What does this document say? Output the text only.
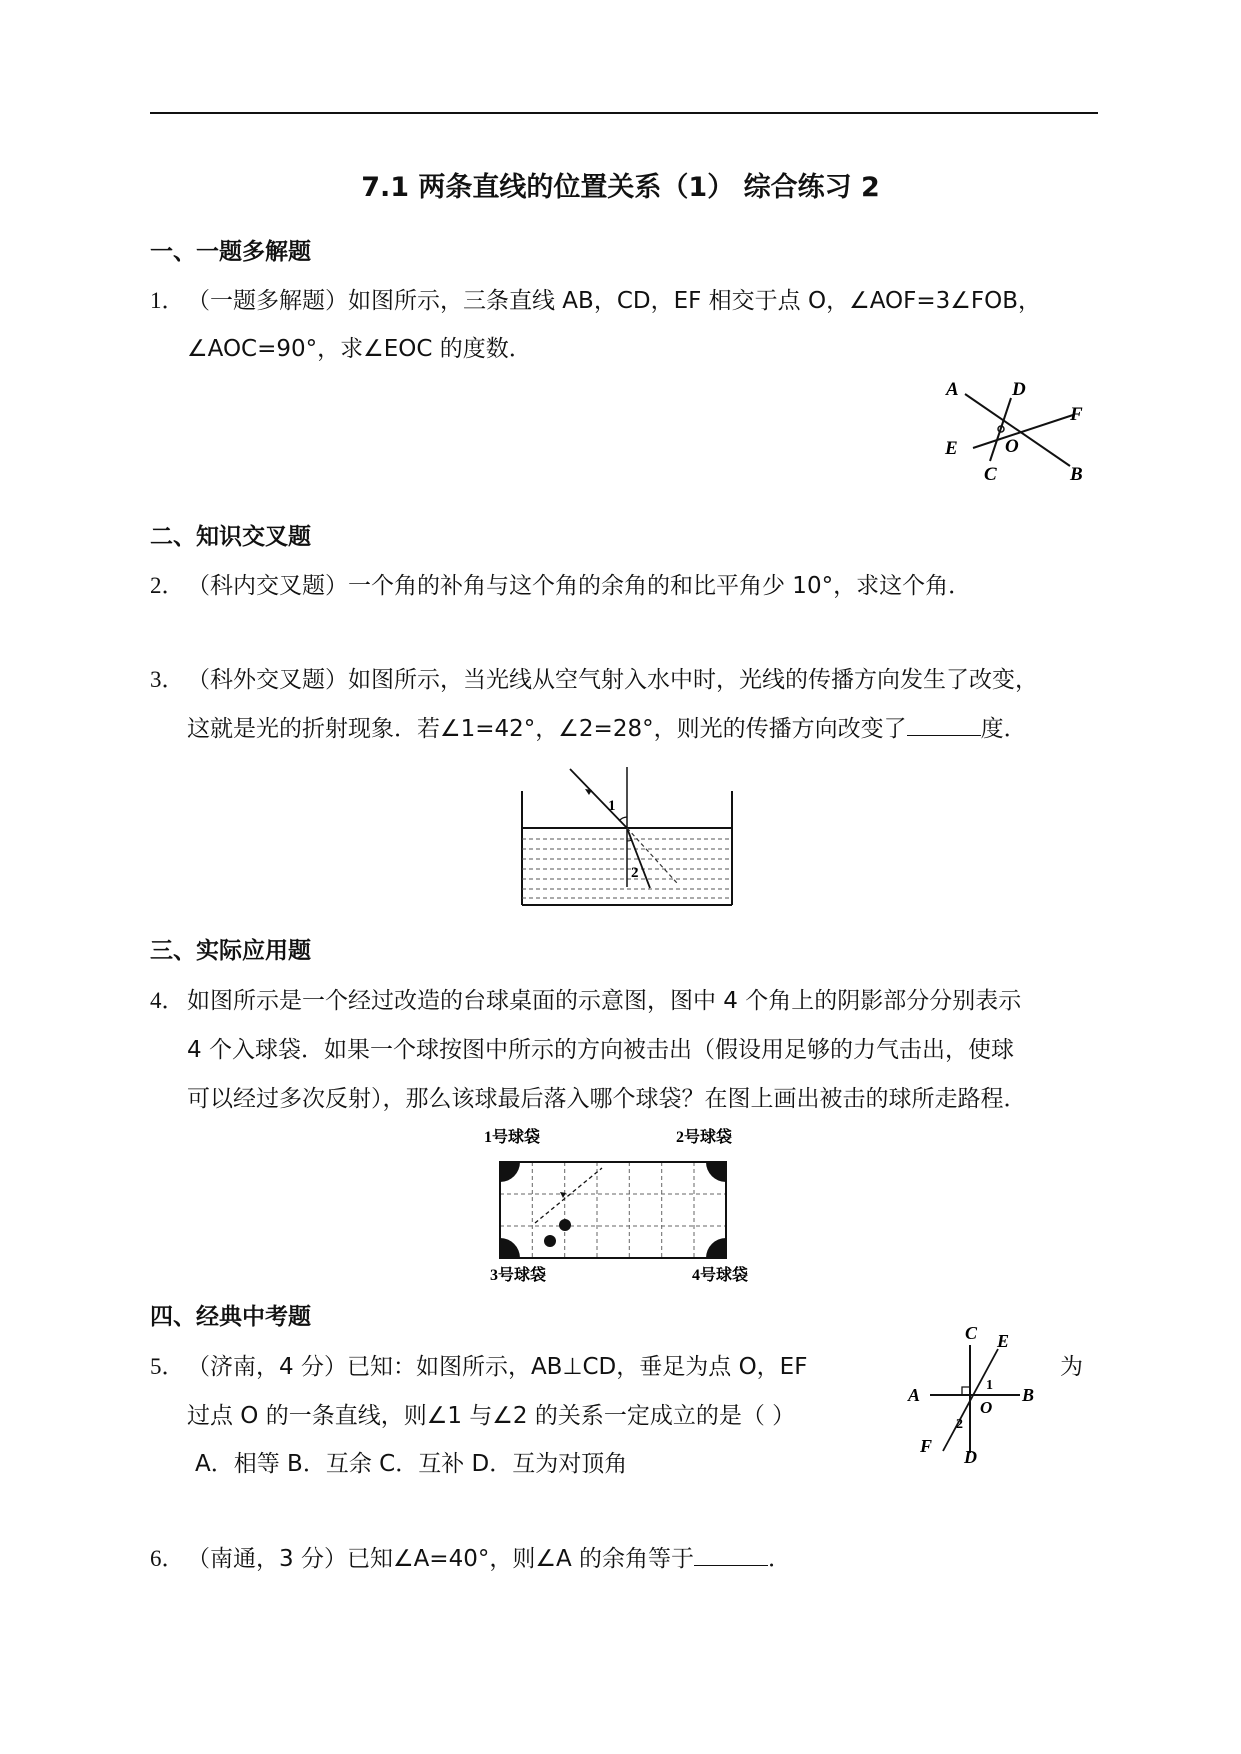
7.1 两条直线的位置关系（1） 综合练习 2
一、一题多解题
1． （一题多解题）如图所示，三条直线 AB，CD，EF 相交于点 O，∠AOF=3∠FOB，
∠AOC=90°，求∠EOC 的度数．
A	D
F
E O
C	B
二、知识交叉题
2． （科内交叉题）一个角的补角与这个角的余角的和比平角少 10°，求这个角．
3． （科外交叉题）如图所示，当光线从空气射入水中时，光线的传播方向发生了改变，
这就是光的折射现象．若∠1=42°，∠2=28°，则光的传播方向改变了	度．
1
2
三、实际应用题
4． 如图所示是一个经过改造的台球桌面的示意图，图中 4 个角上的阴影部分分别表示
4 个入球袋．如果一个球按图中所示的方向被击出（假设用足够的力气击出，使球
可以经过多次反射），那么该球最后落入哪个球袋？在图上画出被击的球所走路程．
1号球袋	2号球袋
3号球袋	4号球袋
四、经典中考题
5． （济南，4 分）已知：如图所示，AB⊥CD，垂足为点 O，EF	为
过点 O 的一条直线，则∠1 与∠2 的关系一定成立的是（ ）
A．相等 B．互余 C．互补 D．互为对顶角
C E
A	B
O
1
2
F
D
6． （南通，3 分）已知∠A=40°，则∠A 的余角等于	．
